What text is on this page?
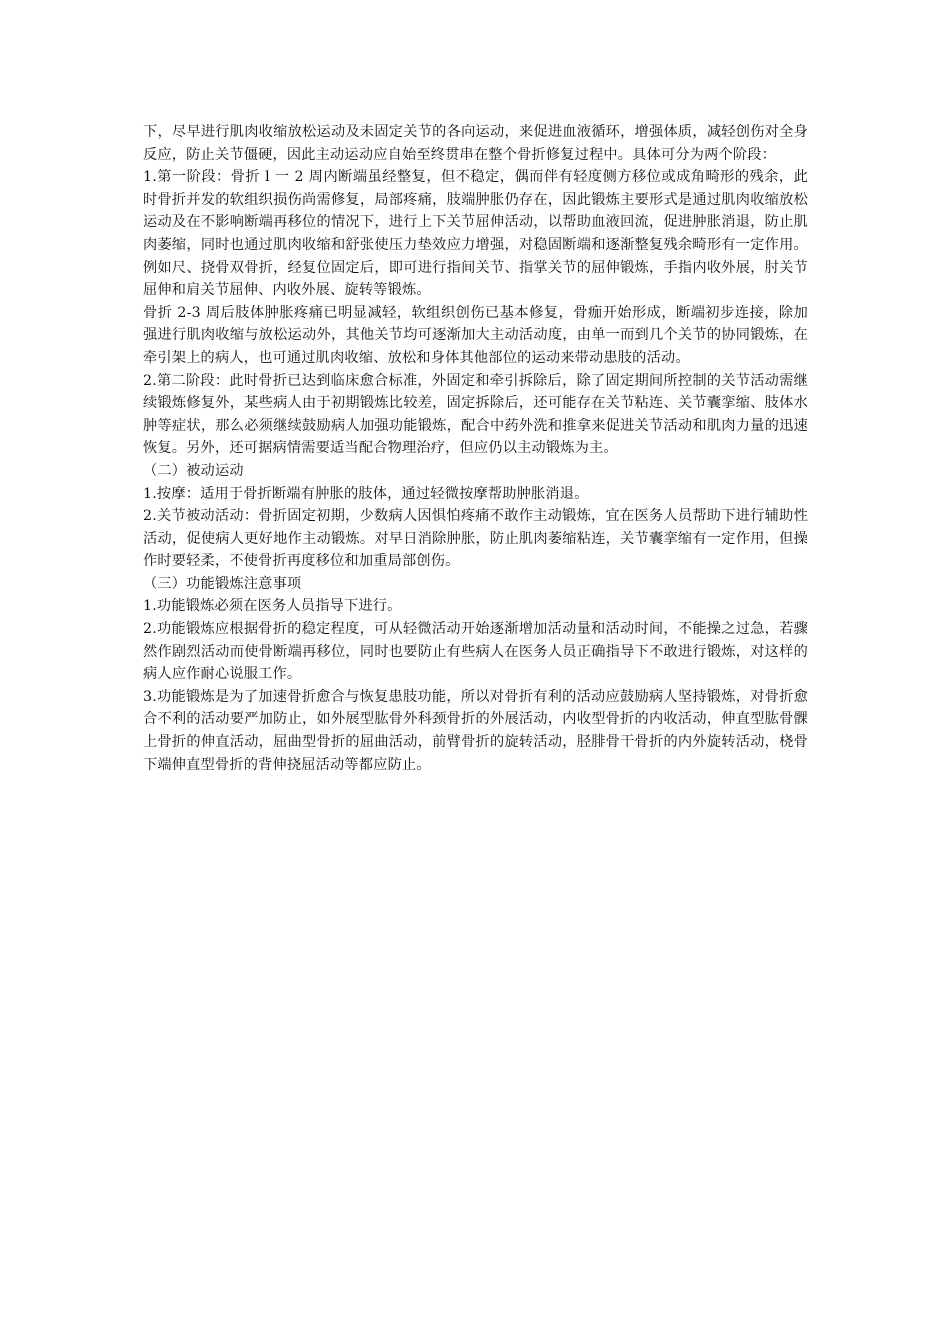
下，尽早进行肌肉收缩放松运动及未固定关节的各向运动，来促进血液循环，增强体质，减轻创伤对全身反应，防止关节僵硬，因此主动运动应自始至终贯串在整个骨折修复过程中。具体可分为两个阶段：

1.第一阶段：骨折 l 一 2 周内断端虽经整复，但不稳定，偶而伴有轻度侧方移位或成角畸形的残余，此时骨折并发的软组织损伤尚需修复，局部疼痛，肢端肿胀仍存在，因此锻炼主要形式是通过肌肉收缩放松运动及在不影响断端再移位的情况下，进行上下关节屈伸活动，以帮助血液回流，促进肿胀消退，防止肌肉萎缩，同时也通过肌肉收缩和舒张使压力垫效应力增强，对稳固断端和逐渐整复残余畸形有一定作用。例如尺、挠骨双骨折，经复位固定后，即可进行指间关节、指掌关节的屈伸锻炼，手指内收外展，肘关节屈伸和肩关节屈伸、内收外展、旋转等锻炼。

骨折 2-3 周后肢体肿胀疼痛已明显减轻，软组织创伤已基本修复，骨痂开始形成，断端初步连接，除加强进行肌肉收缩与放松运动外，其他关节均可逐渐加大主动活动度，由单一而到几个关节的协同锻炼，在牵引架上的病人，也可通过肌肉收缩、放松和身体其他部位的运动来带动患肢的活动。

2.第二阶段：此时骨折已达到临床愈合标准，外固定和牵引拆除后，除了固定期间所控制的关节活动需继续锻炼修复外，某些病人由于初期锻炼比较差，固定拆除后，还可能存在关节粘连、关节囊挛缩、肢体水肿等症状，那么必须继续鼓励病人加强功能锻炼，配合中药外洗和推拿来促进关节活动和肌肉力量的迅速恢复。另外，还可据病情需要适当配合物理治疗，但应仍以主动锻炼为主。

（二）被动运动

1.按摩：适用于骨折断端有肿胀的肢体，通过轻微按摩帮助肿胀消退。

2.关节被动活动：骨折固定初期，少数病人因惧怕疼痛不敢作主动锻炼，宜在医务人员帮助下进行辅助性活动，促使病人更好地作主动锻炼。对早日消除肿胀，防止肌肉萎缩粘连，关节囊挛缩有一定作用，但操作时要轻柔，不使骨折再度移位和加重局部创伤。

（三）功能锻炼注意事项

1.功能锻炼必须在医务人员指导下进行。

2.功能锻炼应根据骨折的稳定程度，可从轻微活动开始逐渐增加活动量和活动时间，不能操之过急，若骤然作剧烈活动而使骨断端再移位，同时也要防止有些病人在医务人员正确指导下不敢进行锻炼，对这样的病人应作耐心说服工作。

3.功能锻炼是为了加速骨折愈合与恢复患肢功能，所以对骨折有利的活动应鼓励病人坚持锻炼，对骨折愈合不利的活动要严加防止，如外展型肱骨外科颈骨折的外展活动，内收型骨折的内收活动，伸直型肱骨髁上骨折的伸直活动，屈曲型骨折的屈曲活动，前臂骨折的旋转活动，胫腓骨干骨折的内外旋转活动，桡骨下端伸直型骨折的背伸挠屈活动等都应防止。
